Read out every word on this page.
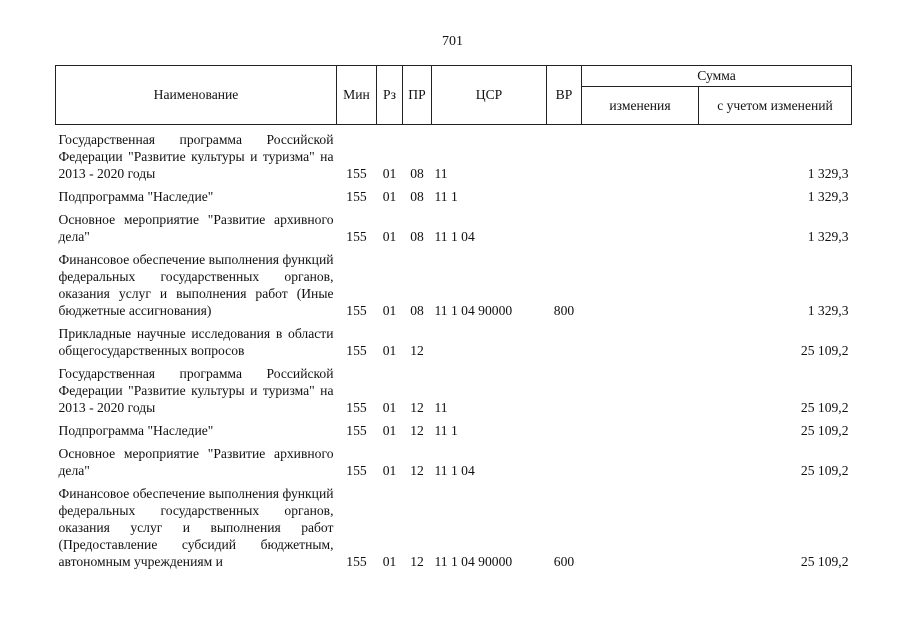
701
Наименование	Мин	Рз	ПР	ЦСР	ВР	Сумма	
						изменения	с учетом изменений
Государственная программа Российской Федерации "Развитие культуры и туризма" на 2013 - 2020 годы	155	01	08	11			1 329,3
Подпрограмма "Наследие"	155	01	08	11 1			1 329,3
Основное мероприятие "Развитие архивного дела"	155	01	08	11 1 04			1 329,3
Финансовое обеспечение выполнения функций федеральных государственных органов, оказания услуг и выполнения работ (Иные бюджетные ассигнования)	155	01	08	11 1 04 90000	800		1 329,3
Прикладные научные исследования в области общегосударственных вопросов	155	01	12				25 109,2
Государственная программа Российской Федерации "Развитие культуры и туризма" на 2013 - 2020 годы	155	01	12	11			25 109,2
Подпрограмма "Наследие"	155	01	12	11 1			25 109,2
Основное мероприятие "Развитие архивного дела"	155	01	12	11 1 04			25 109,2
Финансовое обеспечение выполнения функций федеральных государственных органов, оказания услуг и выполнения работ (Предоставление субсидий бюджетным, автономным учреждениям и	155	01	12	11 1 04 90000	600		25 109,2
